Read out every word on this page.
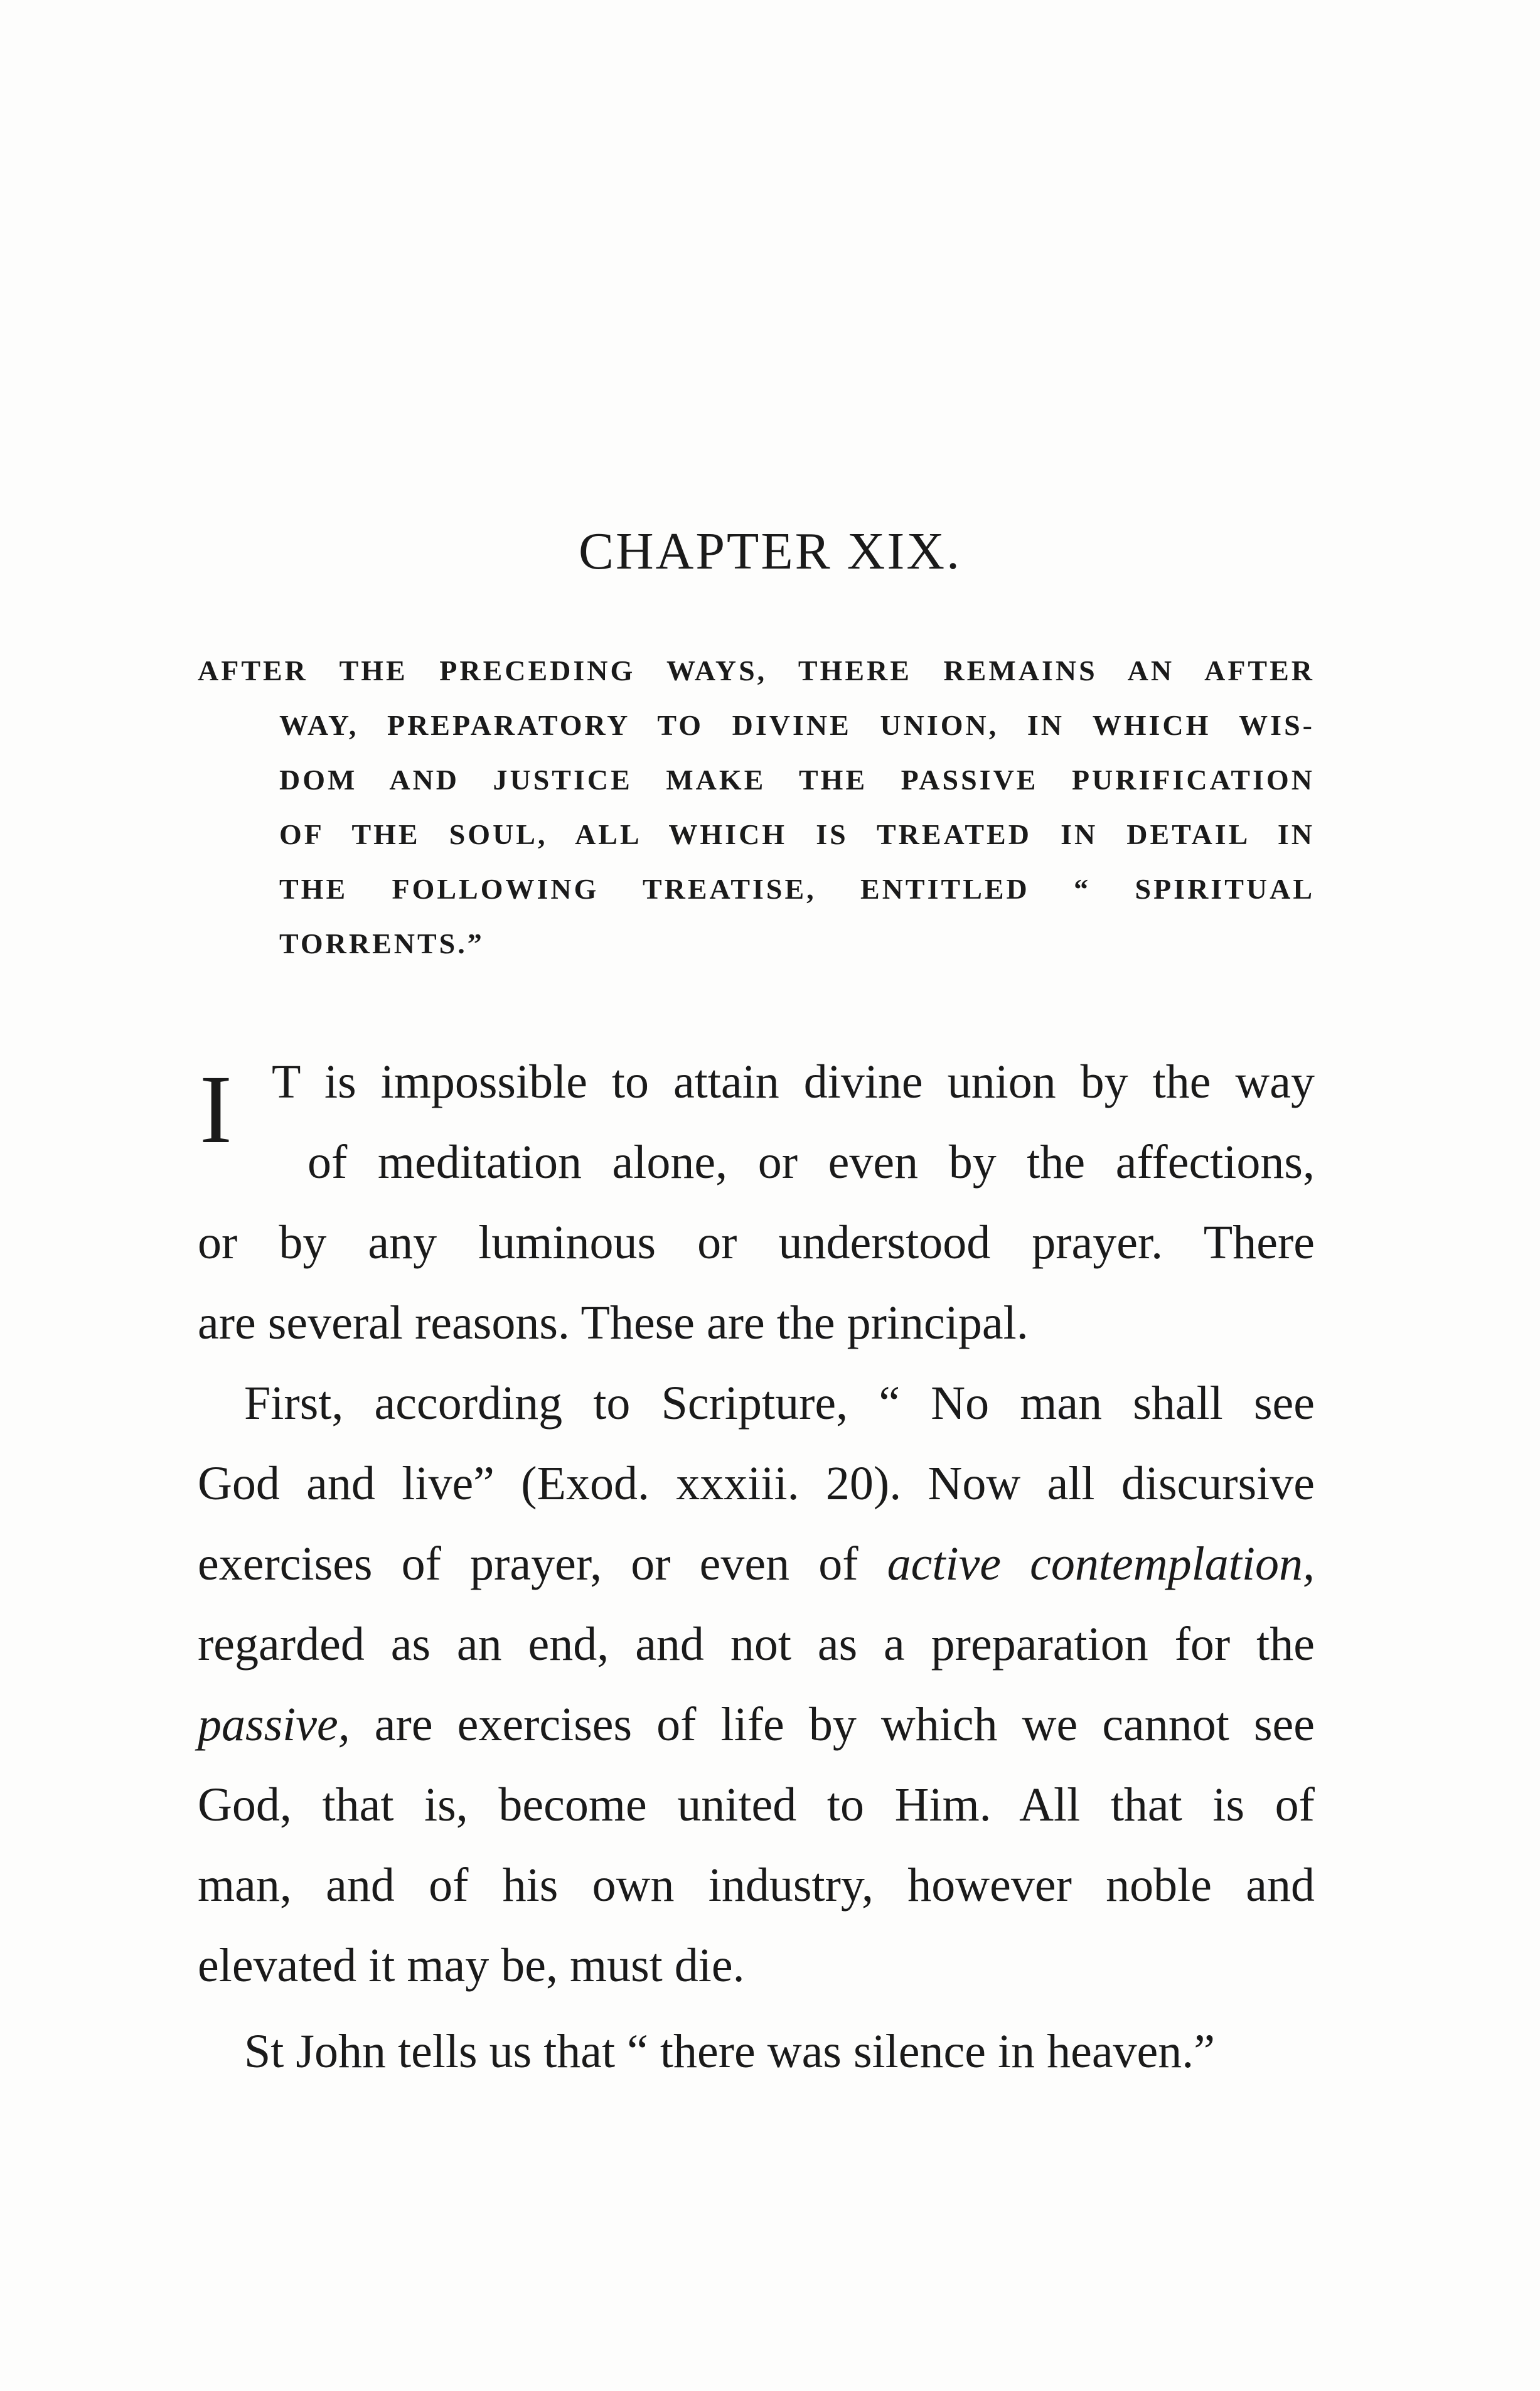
CHAPTER XIX.
AFTER THE PRECEDING WAYS, THERE REMAINS AN AFTER
WAY, PREPARATORY TO DIVINE UNION, IN WHICH WIS-
DOM AND JUSTICE MAKE THE PASSIVE PURIFICATION
OF THE SOUL, ALL WHICH IS TREATED IN DETAIL IN
THE FOLLOWING TREATISE, ENTITLED “ SPIRITUAL
TORRENTS.”
I T is impossible to attain divine union by the way
of meditation alone, or even by the affections,
or by any luminous or understood prayer. There
are several reasons. These are the principal.
First, according to Scripture, “ No man shall see
God and live” (Exod. xxxiii. 20). Now all discursive
exercises of prayer, or even of active contemplation,
regarded as an end, and not as a preparation for the
passive, are exercises of life by which we cannot see
God, that is, become united to Him. All that is of
man, and of his own industry, however noble and
elevated it may be, must die.
St John tells us that “ there was silence in heaven.”
